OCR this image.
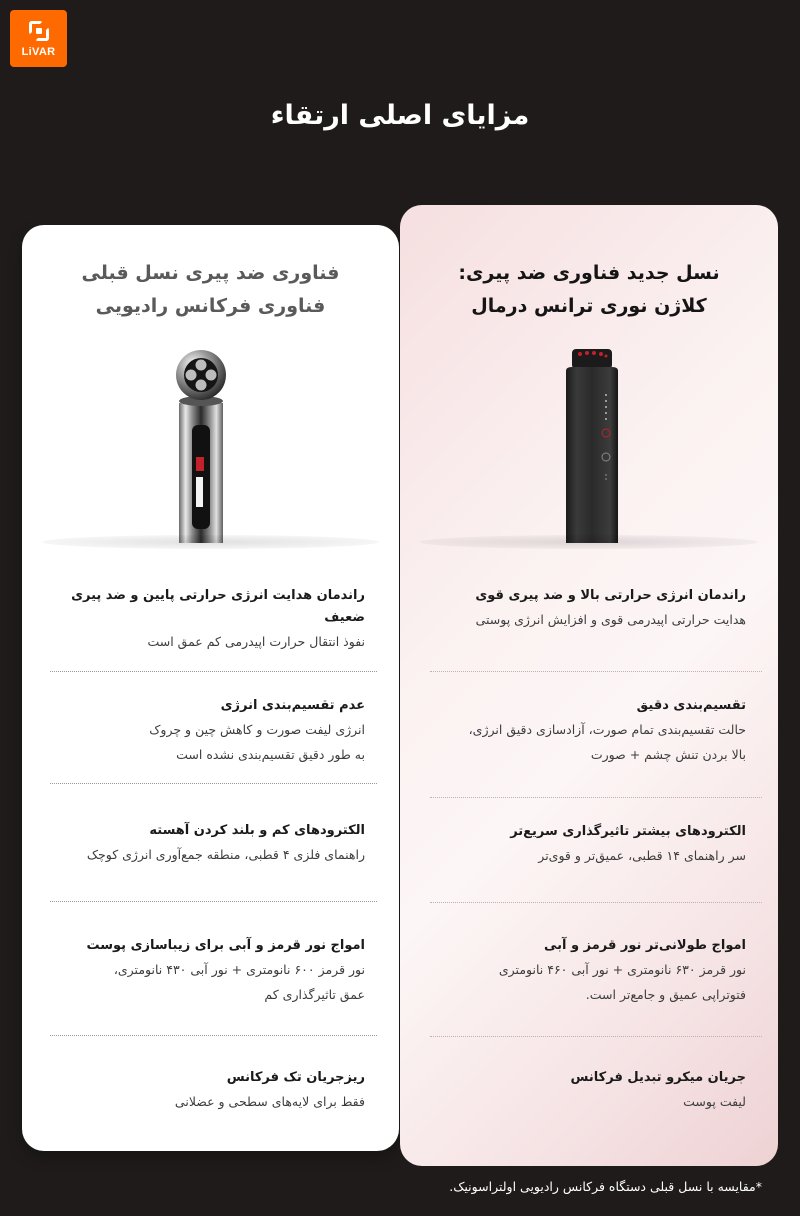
LiVAR
مزایای اصلی ارتقاء
فناوری ضد پیری نسل قبلی
فناوری فرکانس رادیویی
راندمان هدایت انرژی حرارتی پایین و ضد پیری ضعیف
نفوذ انتقال حرارت اپیدرمی کم عمق است
عدم تقسیم‌بندی انرژی
انرژی لیفت صورت و کاهش چین و چروک
به طور دقیق تقسیم‌بندی نشده است
الکترودهای کم و بلند کردن آهسته
راهنمای فلزی ۴ قطبی، منطقه جمع‌آوری انرژی کوچک
امواج نور قرمز و آبی برای زیباسازی پوست
نور قرمز ۶۰۰ نانومتری + نور آبی ۴۳۰ نانومتری،
عمق تاثیرگذاری کم
ریزجریان تک فرکانس
فقط برای لایه‌های سطحی و عضلانی
نسل جدید فناوری ضد پیری:
کلاژن نوری ترانس درمال
راندمان انرژی حرارتی بالا و ضد پیری قوی
هدایت حرارتی اپیدرمی قوی و افزایش انرژی پوستی
تقسیم‌بندی دقیق
حالت تقسیم‌بندی تمام صورت، آزادسازی دقیق انرژی،
بالا بردن تنش چشم + صورت
الکترودهای بیشتر تاثیرگذاری سریع‌تر
سر راهنمای ۱۴ قطبی، عمیق‌تر و قوی‌تر
امواج طولانی‌تر نور قرمز و آبی
نور قرمز ۶۳۰ نانومتری + نور آبی ۴۶۰ نانومتری
فتوتراپی عمیق و جامع‌تر است.
جریان میکرو تبدیل فرکانس
لیفت پوست
*مقایسه با نسل قبلی دستگاه فرکانس رادیویی اولتراسونیک.
